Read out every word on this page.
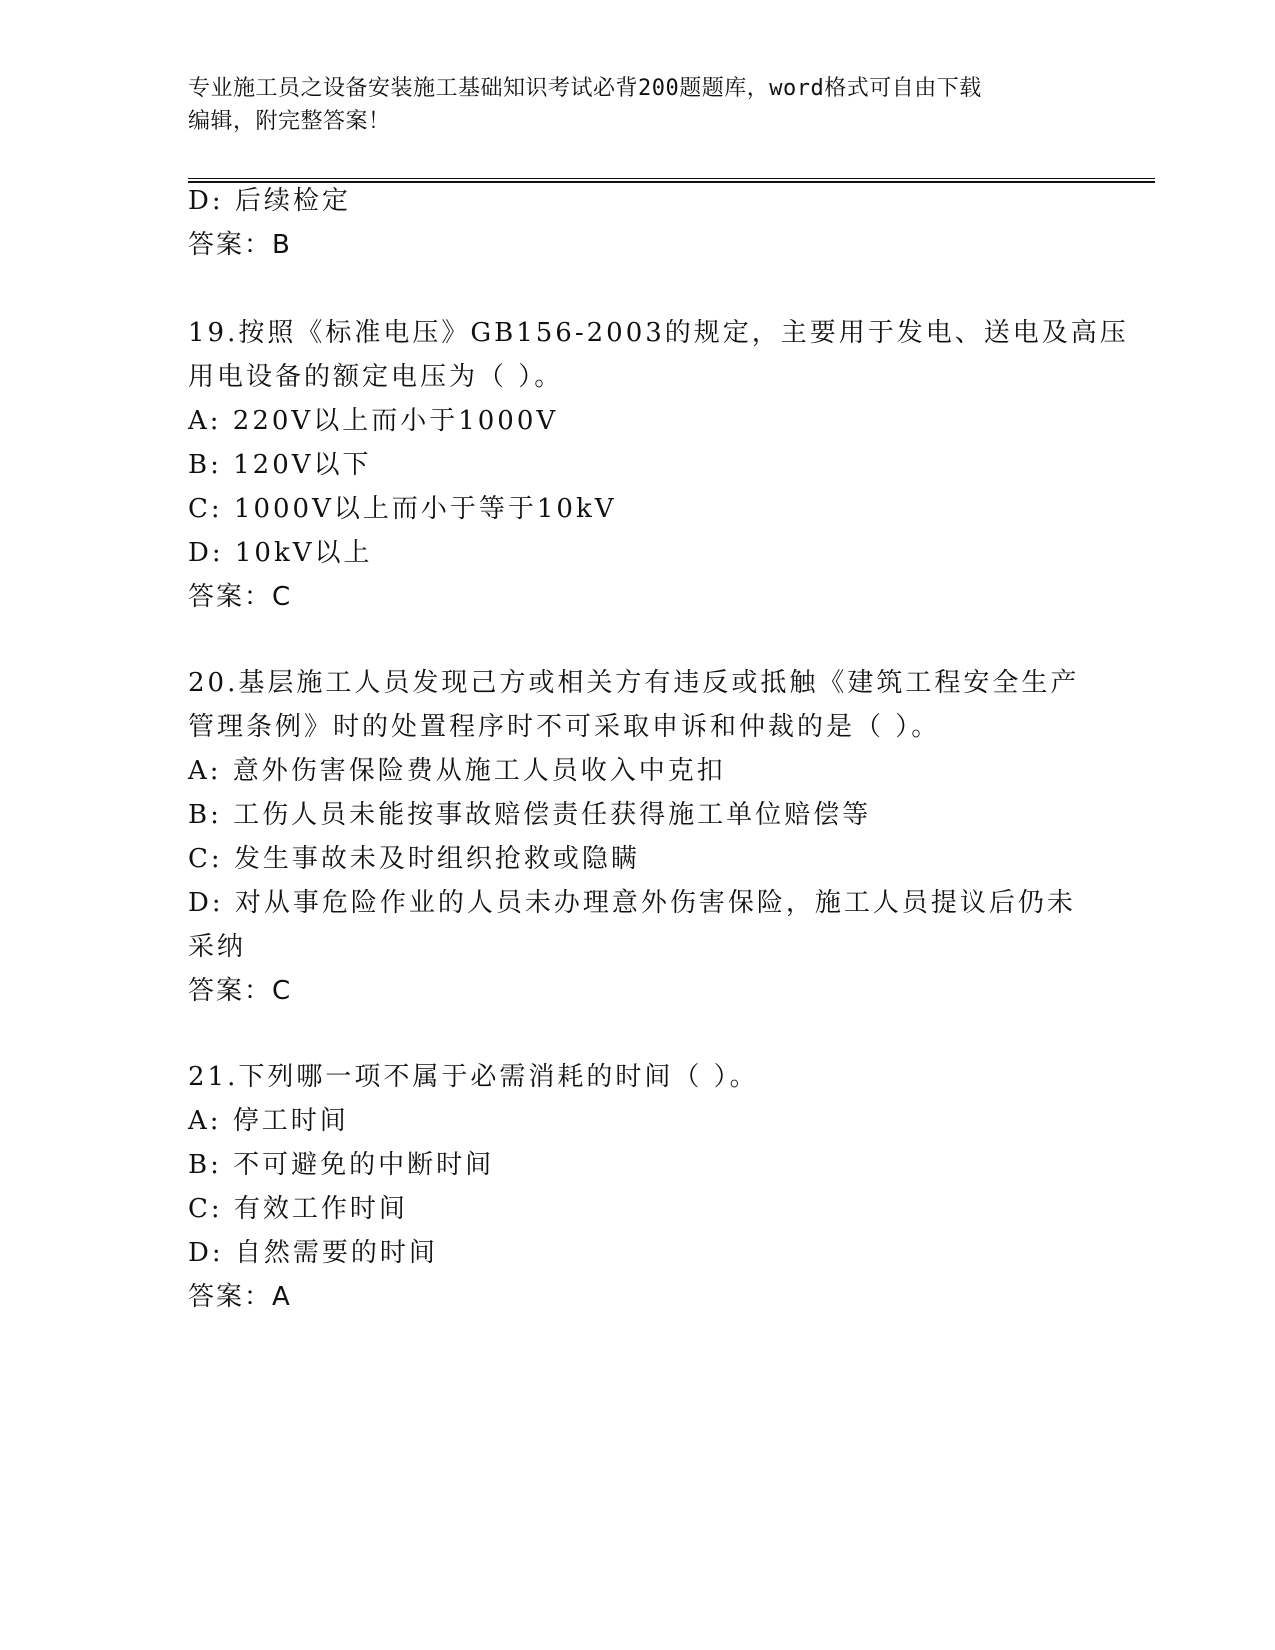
专业施工员之设备安装施工基础知识考试必背200题题库，word格式可自由下载
编辑，附完整答案！
D: 后续检定
答案：B
19.按照《标准电压》GB156-2003的规定，主要用于发电、送电及高压
用电设备的额定电压为（ ）。
A: 220V以上而小于1000V
B: 120V以下
C: 1000V以上而小于等于10kV
D: 10kV以上
答案：C
20.基层施工人员发现己方或相关方有违反或抵触《建筑工程安全生产
管理条例》时的处置程序时不可采取申诉和仲裁的是（ ）。
A: 意外伤害保险费从施工人员收入中克扣
B: 工伤人员未能按事故赔偿责任获得施工单位赔偿等
C: 发生事故未及时组织抢救或隐瞒
D: 对从事危险作业的人员未办理意外伤害保险，施工人员提议后仍未
采纳
答案：C
21.下列哪一项不属于必需消耗的时间（ ）。
A: 停工时间
B: 不可避免的中断时间
C: 有效工作时间
D: 自然需要的时间
答案：A
